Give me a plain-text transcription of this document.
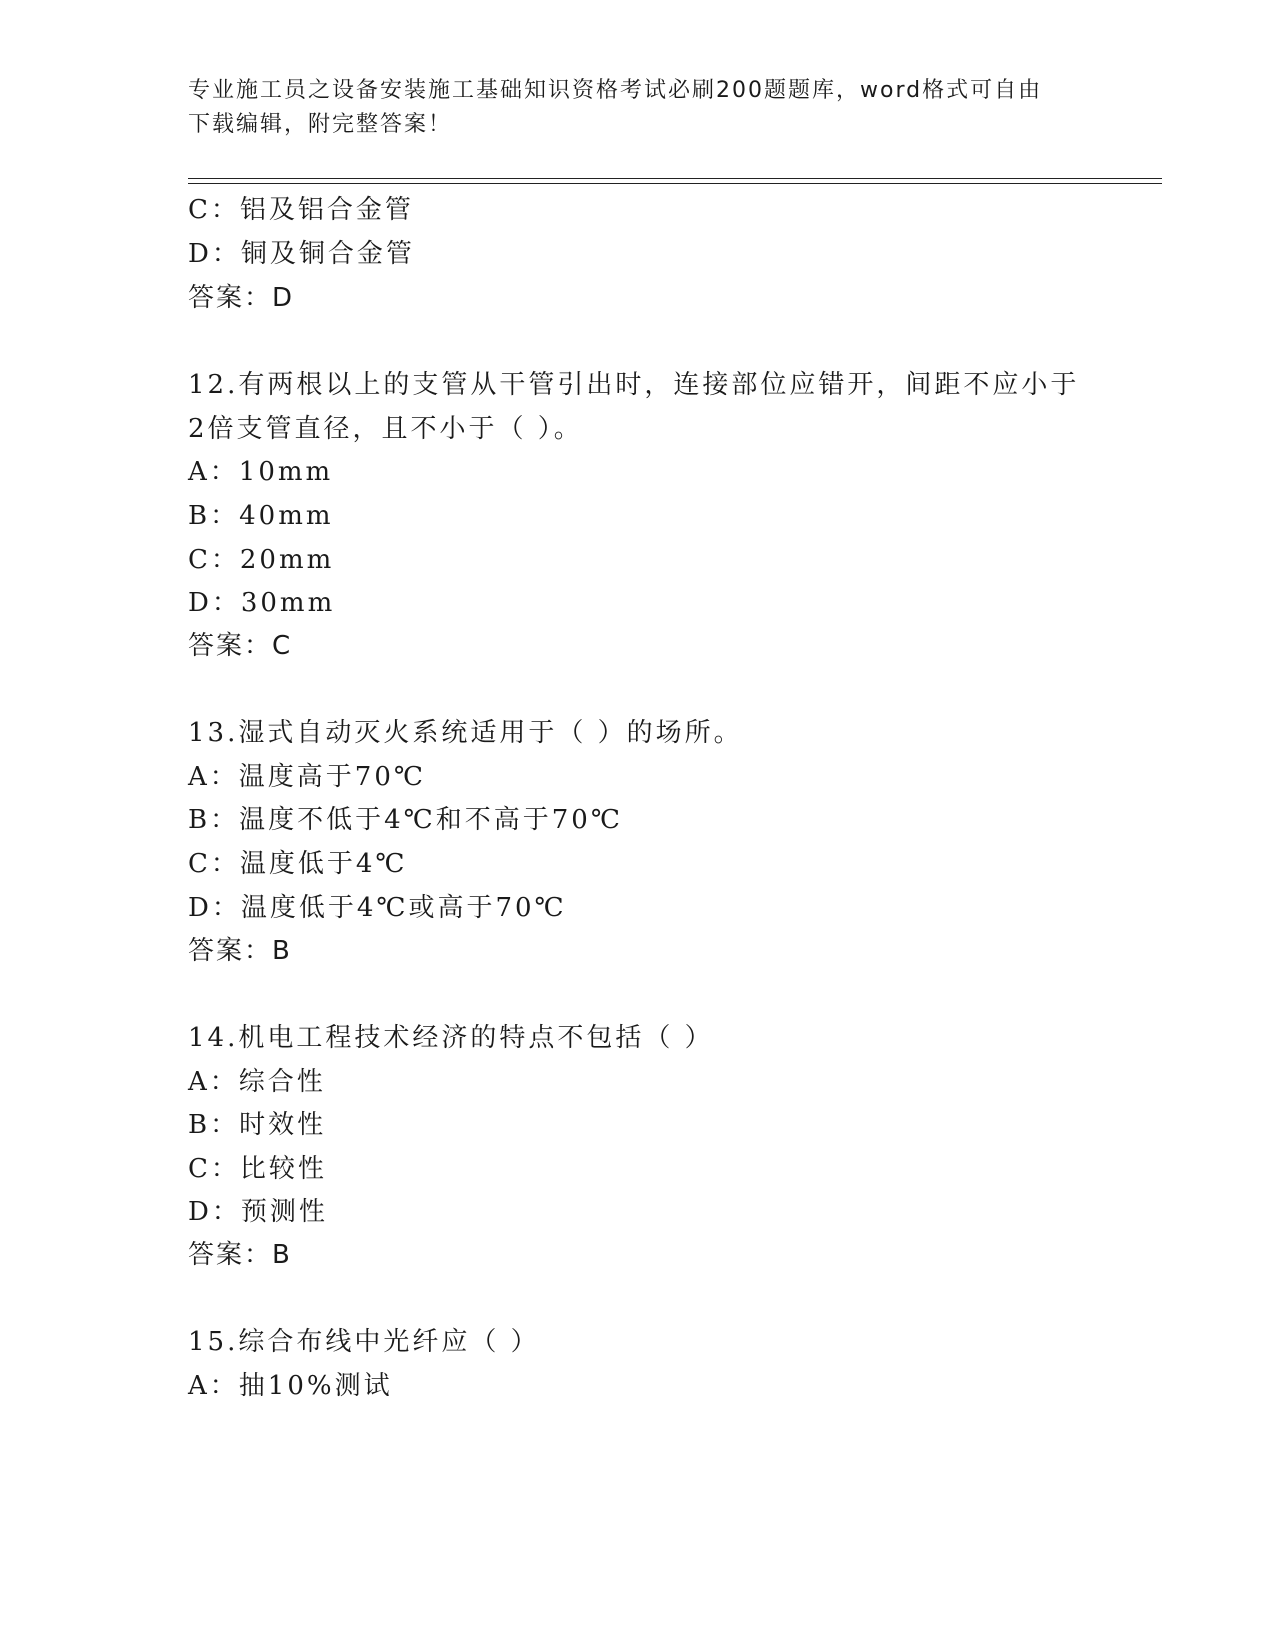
专业施工员之设备安装施工基础知识资格考试必刷200题题库，word格式可自由
下载编辑，附完整答案！
C：铝及铝合金管
D：铜及铜合金管
答案：D
12.有两根以上的支管从干管引出时，连接部位应错开，间距不应小于
2倍支管直径，且不小于（ ）。
A：10mm
B：40mm
C：20mm
D：30mm
答案：C
13.湿式自动灭火系统适用于（ ）的场所。
A：温度高于70℃
B：温度不低于4℃和不高于70℃
C：温度低于4℃
D：温度低于4℃或高于70℃
答案：B
14.机电工程技术经济的特点不包括（ ）
A：综合性
B：时效性
C：比较性
D：预测性
答案：B
15.综合布线中光纤应（ ）
A：抽10%测试
